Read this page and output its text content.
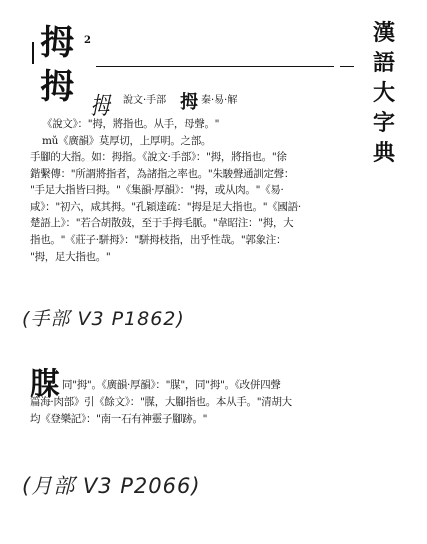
漢
語
大
字
典
拇 2
拇 拇 說文·手部 拇 秦·易·解
《說文》："拇，將指也。从手，母聲。"
mǔ《廣韻》莫厚切，上厚明。之部。
手腳的大指。如：拇指。《說文·手部》："拇，將指也。"徐
鍇繫傳："所謂將指者，為諸指之率也。"朱駿聲通訓定聲：
"手足大指皆曰拇。"《集韻·厚韻》："拇，或从肉。"《易·
咸》："初六，咸其拇。"孔穎達疏："拇是足大指也。"《國語·
楚語上》："若合胡散鼓，至于手拇毛脈。"韋昭注："拇，大
指也。"《莊子·駢拇》："駢拇枝指，出乎性哉。"郭象注：
"拇，足大指也。"
(手部 V3 P1862)
腜 同"拇"。《廣韻·厚韻》："腜"，同"拇"。《改併四聲
篇海·肉部》引《餘文》："腜，大腳指也。本从手。"清胡大
均《登樂記》："南一石有神靈子腳跡。"
(月部 V3 P2066)
